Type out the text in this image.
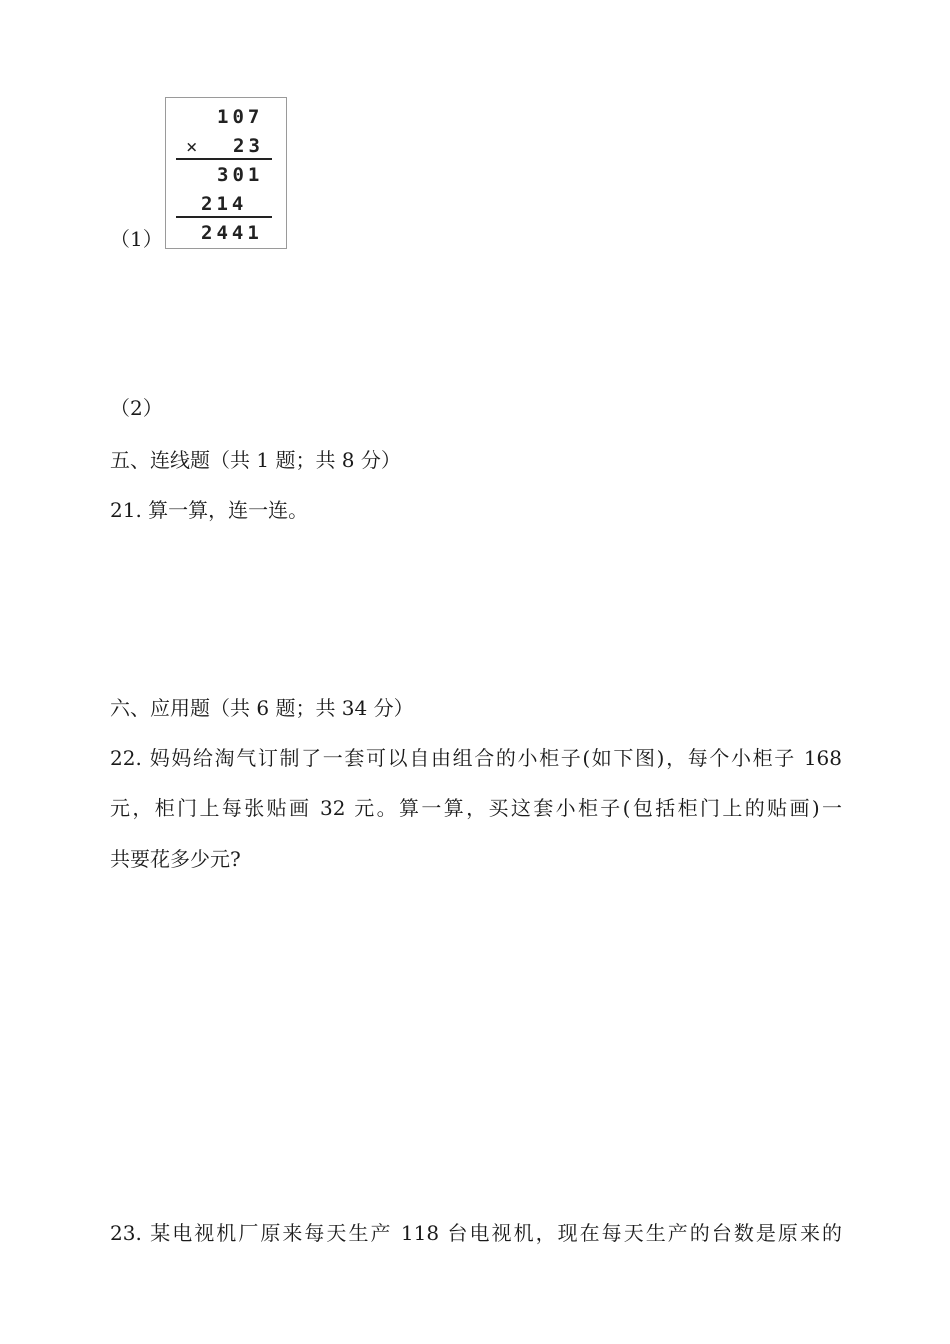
（1）
107
× 23
301
214
2441
（2）
五、连线题（共 1 题；共 8 分）
21. 算一算，连一连。
六、应用题（共 6 题；共 34 分）
22. 妈妈给淘气订制了一套可以自由组合的小柜子(如下图)，每个小柜子 168
元，柜门上每张贴画 32 元。算一算，买这套小柜子(包括柜门上的贴画)一
共要花多少元?
23. 某电视机厂原来每天生产 118 台电视机，现在每天生产的台数是原来的
